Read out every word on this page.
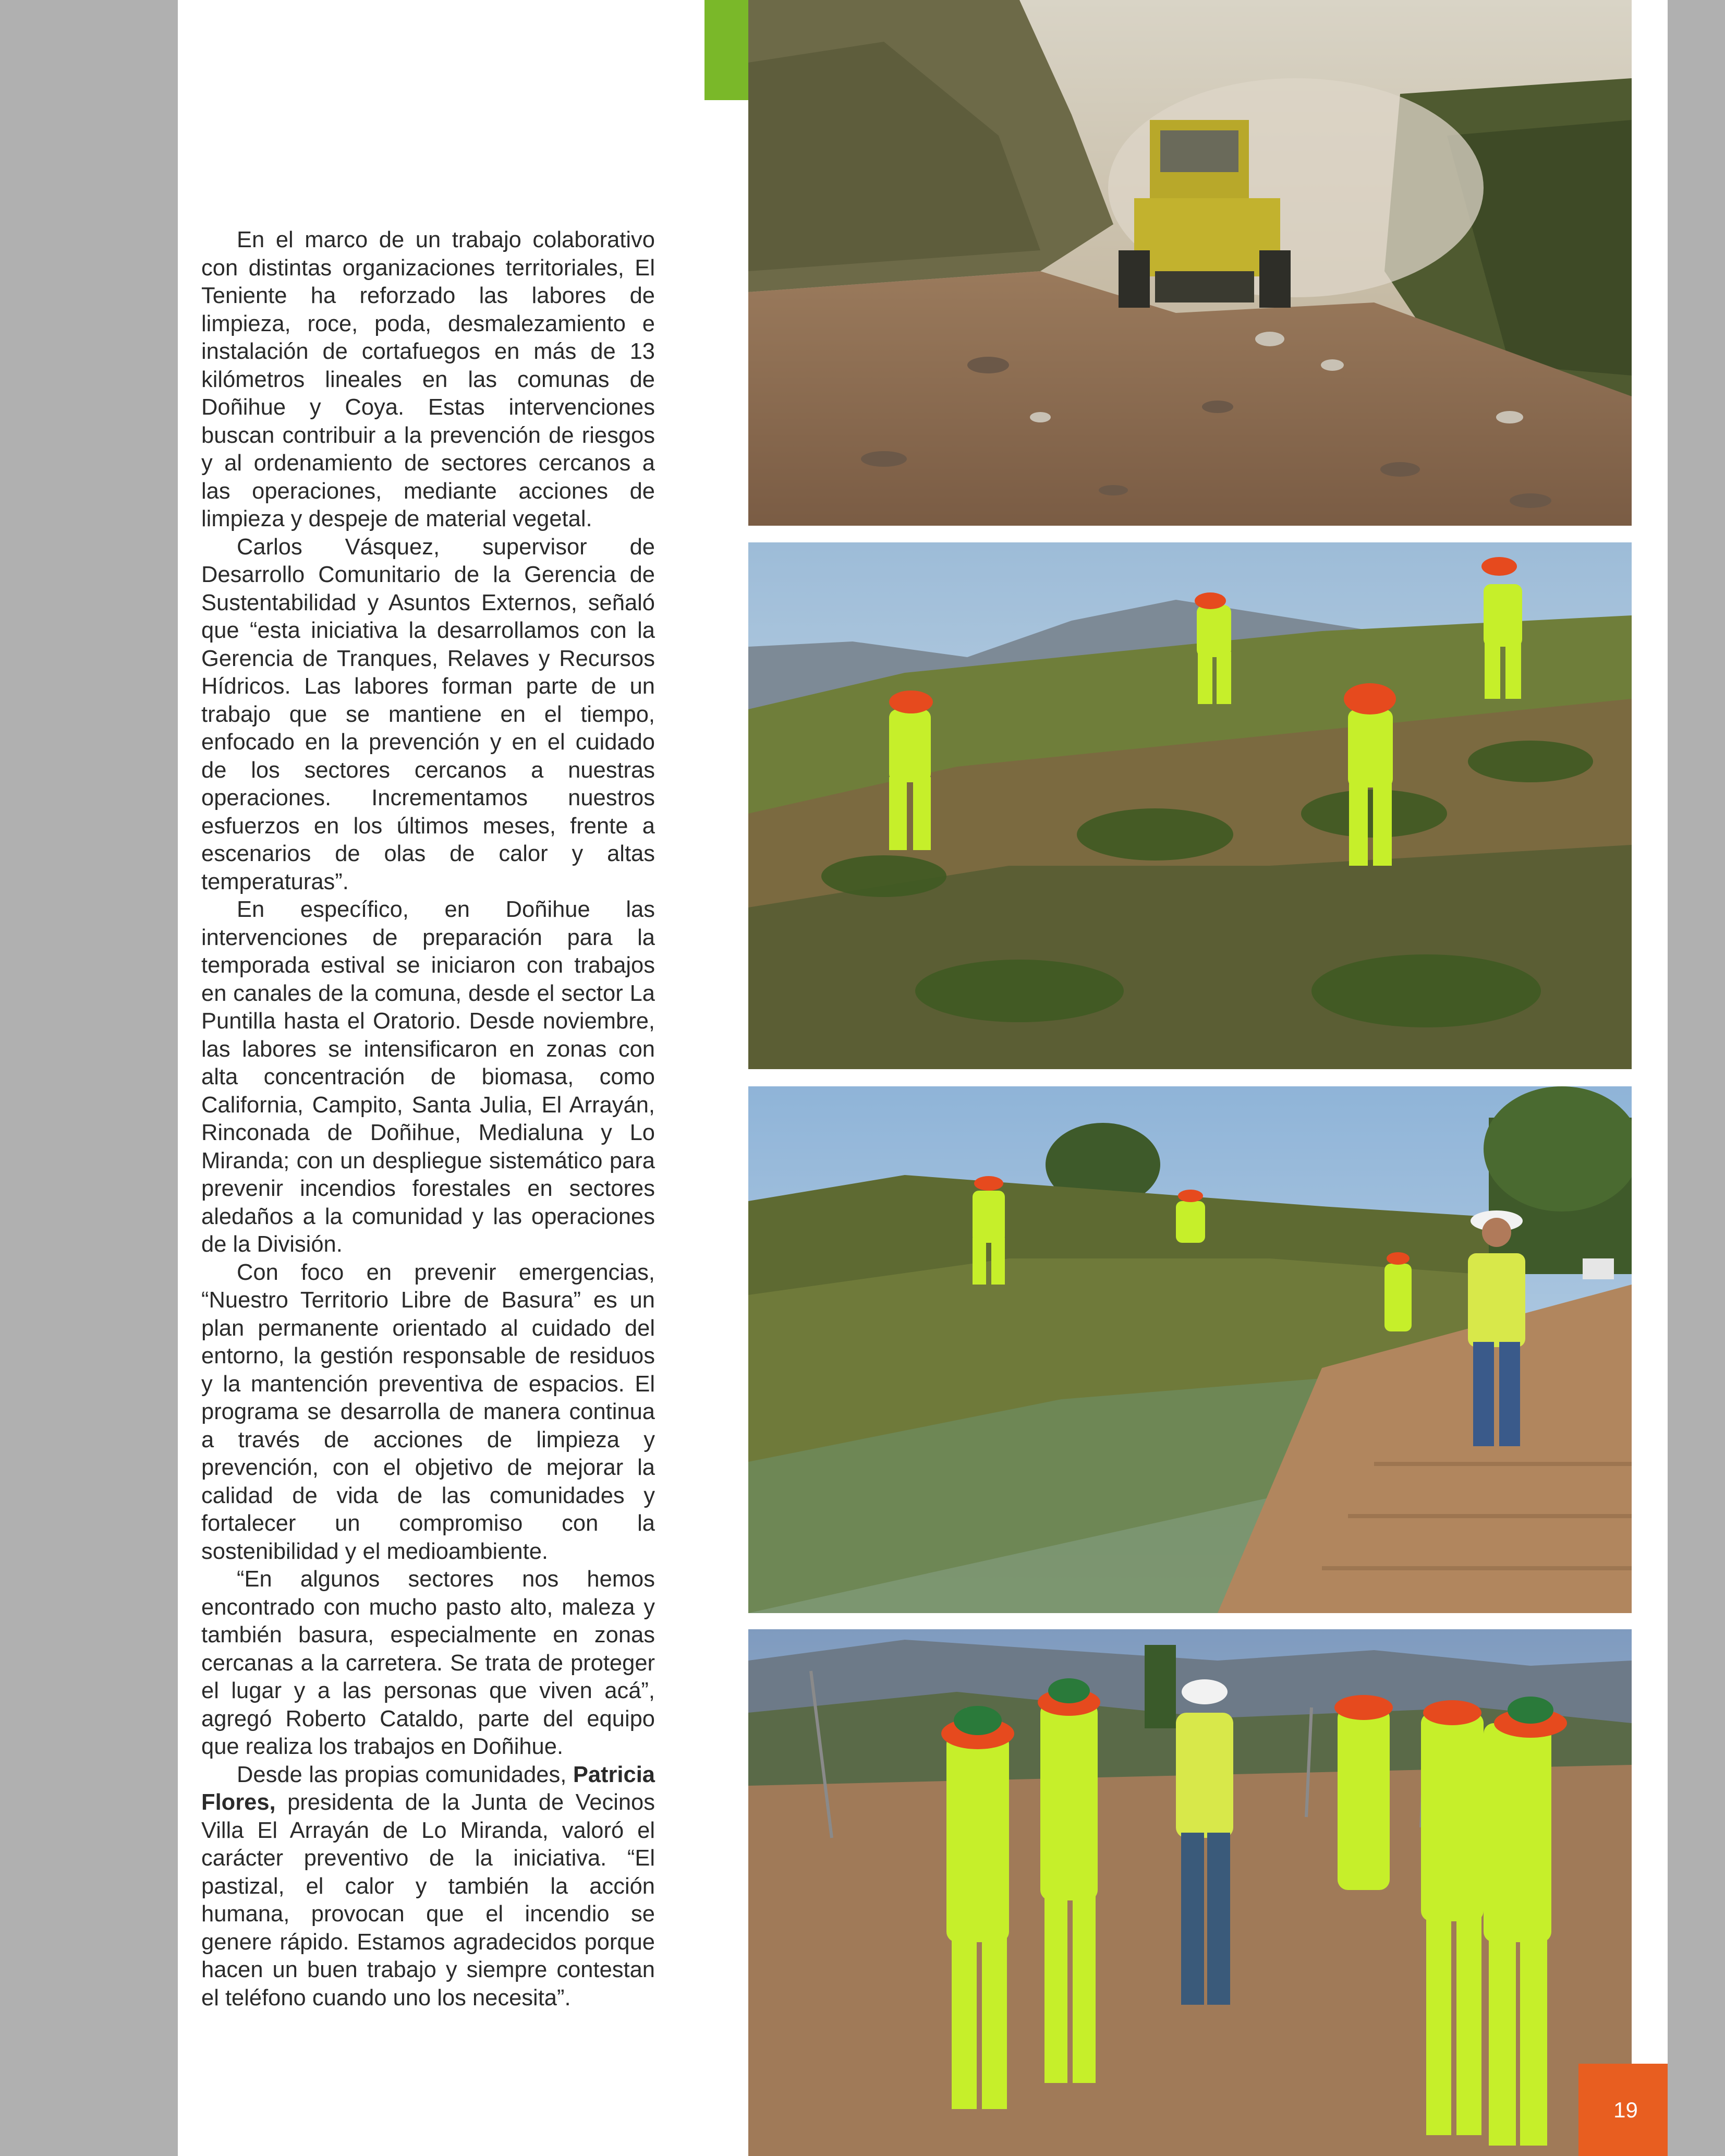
En el marco de un trabajo colaborativo con distintas organizaciones territoriales, El Teniente ha reforzado las labores de limpieza, roce, poda, desmalezamiento e instalación de cortafuegos en más de 13 kilómetros lineales en las comunas de Doñihue y Coya. Estas intervenciones buscan contribuir a la prevención de riesgos y al ordenamiento de sectores cercanos a las operaciones, mediante acciones de limpieza y despeje de material vegetal.

Carlos Vásquez, supervisor de Desarrollo Comunitario de la Gerencia de Sustentabilidad y Asuntos Externos, señaló que “esta iniciativa la desarrollamos con la Gerencia de Tranques, Relaves y Recursos Hídricos. Las labores forman parte de un trabajo que se mantiene en el tiempo, enfocado en la prevención y en el cuidado de los sectores cercanos a nuestras operaciones. Incrementamos nuestros esfuerzos en los últimos meses, frente a escenarios de olas de calor y altas temperaturas”.

En específico, en Doñihue las intervenciones de preparación para la temporada estival se iniciaron con trabajos en canales de la comuna, desde el sector La Puntilla hasta el Oratorio. Desde noviembre, las labores se intensificaron en zonas con alta concentración de biomasa, como California, Campito, Santa Julia, El Arrayán, Rinconada de Doñihue, Medialuna y Lo Miranda; con un despliegue sistemático para prevenir incendios forestales en sectores aledaños a la comunidad y las operaciones de la División.

Con foco en prevenir emergencias, “Nuestro Territorio Libre de Basura” es un plan permanente orientado al cuidado del entorno, la gestión responsable de residuos y la mantención preventiva de espacios. El programa se desarrolla de manera continua a través de acciones de limpieza y prevención, con el objetivo de mejorar la calidad de vida de las comunidades y fortalecer un compromiso con la sostenibilidad y el medioambiente.

“En algunos sectores nos hemos encontrado con mucho pasto alto, maleza y también basura, especialmente en zonas cercanas a la carretera. Se trata de proteger el lugar y a las personas que viven acá”, agregó Roberto Cataldo, parte del equipo que realiza los trabajos en Doñihue.

Desde las propias comunidades, Patricia Flores, presidenta de la Junta de Vecinos Villa El Arrayán de Lo Miranda, valoró el carácter preventivo de la iniciativa. “El pastizal, el calor y también la acción humana, provocan que el incendio se genere rápido. Estamos agradecidos porque hacen un buen trabajo y siempre contestan el teléfono cuando uno los necesita”.

19
